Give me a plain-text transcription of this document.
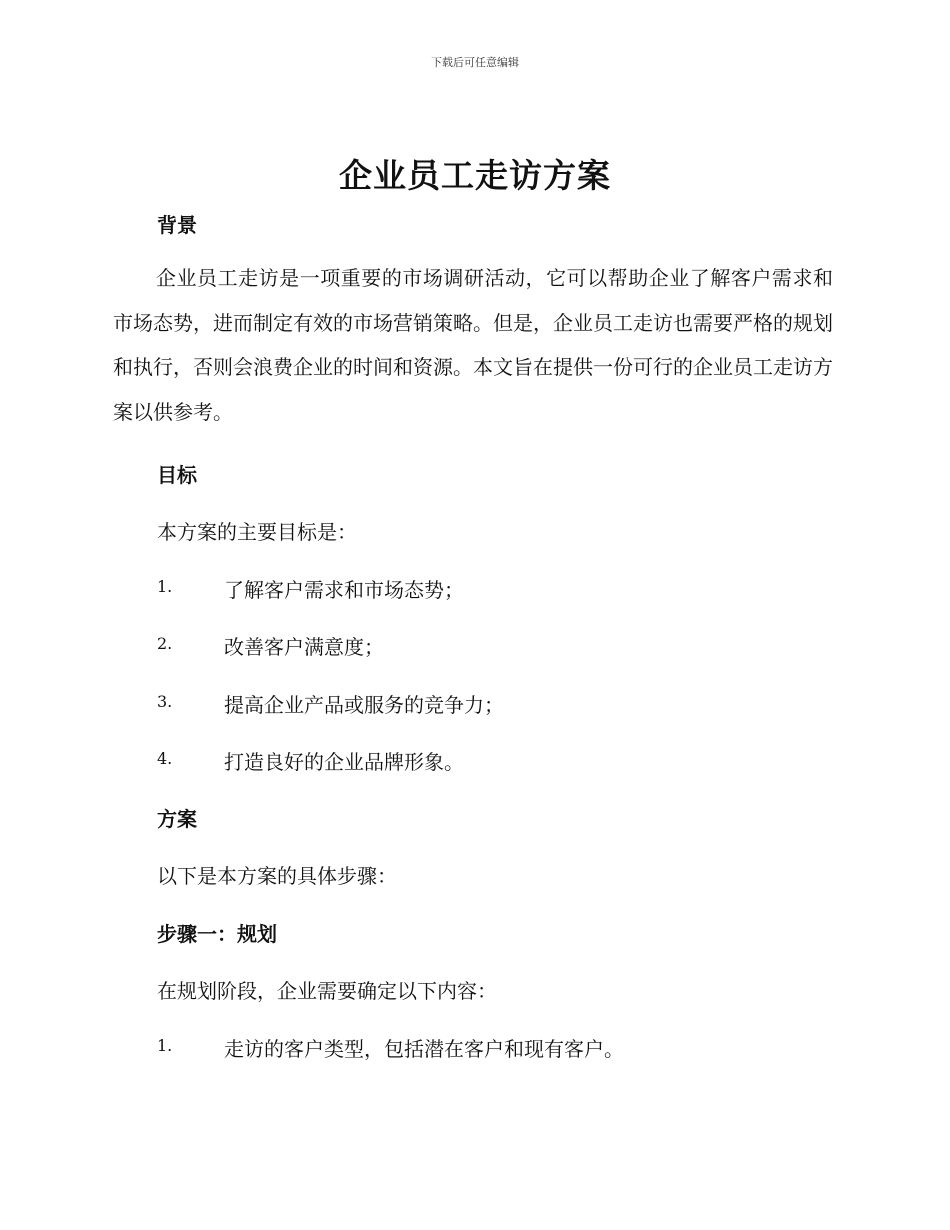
下载后可任意编辑
企业员工走访方案
背景
企业员工走访是一项重要的市场调研活动，它可以帮助企业了解客户需求和市场态势，进而制定有效的市场营销策略。但是，企业员工走访也需要严格的规划和执行，否则会浪费企业的时间和资源。本文旨在提供一份可行的企业员工走访方案以供参考。
目标
本方案的主要目标是：
1.	了解客户需求和市场态势；
2.	改善客户满意度；
3.	提高企业产品或服务的竞争力；
4.	打造良好的企业品牌形象。
方案
以下是本方案的具体步骤：
步骤一：规划
在规划阶段，企业需要确定以下内容：
1.	走访的客户类型，包括潜在客户和现有客户。
